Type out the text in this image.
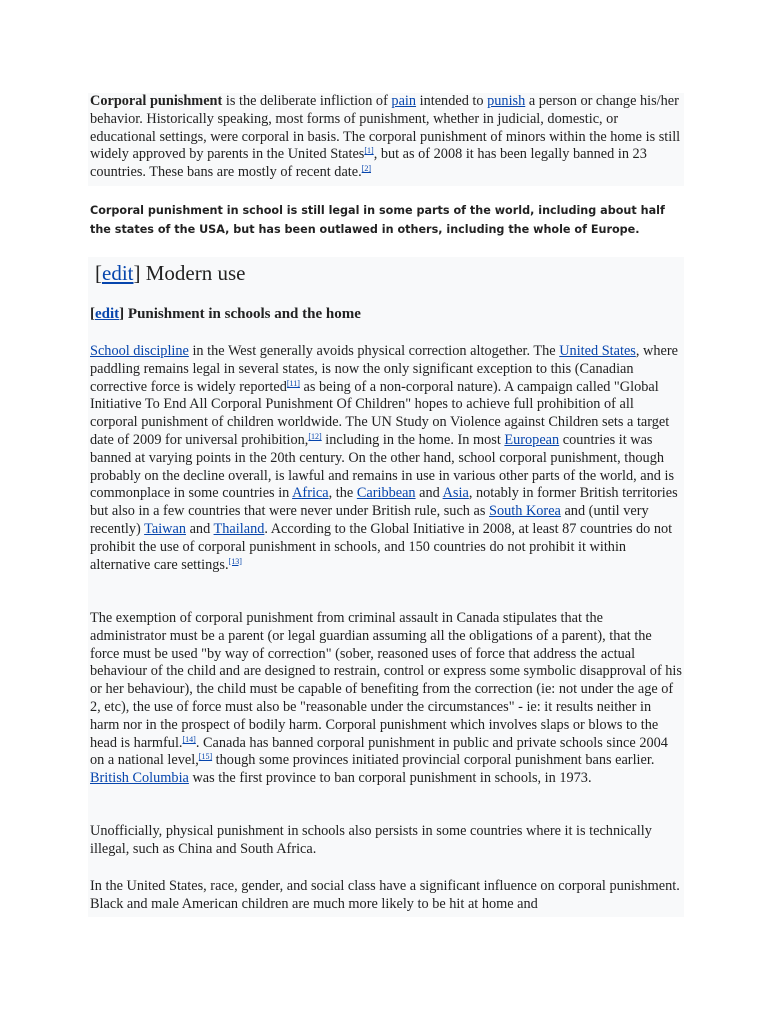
Corporal punishment is the deliberate infliction of pain intended to punish a person or change his/her behavior. Historically speaking, most forms of punishment, whether in judicial, domestic, or educational settings, were corporal in basis. The corporal punishment of minors within the home is still widely approved by parents in the United States[1], but as of 2008 it has been legally banned in 23 countries. These bans are mostly of recent date.[2]
Corporal punishment in school is still legal in some parts of the world, including about half the states of the USA, but has been outlawed in others, including the whole of Europe.
[edit] Modern use
[edit] Punishment in schools and the home

School discipline in the West generally avoids physical correction altogether. The United States, where paddling remains legal in several states, is now the only significant exception to this (Canadian corrective force is widely reported[11] as being of a non-corporal nature). A campaign called "Global Initiative To End All Corporal Punishment Of Children" hopes to achieve full prohibition of all corporal punishment of children worldwide. The UN Study on Violence against Children sets a target date of 2009 for universal prohibition,[12] including in the home. In most European countries it was banned at varying points in the 20th century. On the other hand, school corporal punishment, though probably on the decline overall, is lawful and remains in use in various other parts of the world, and is commonplace in some countries in Africa, the Caribbean and Asia, notably in former British territories but also in a few countries that were never under British rule, such as South Korea and (until very recently) Taiwan and Thailand. According to the Global Initiative in 2008, at least 87 countries do not prohibit the use of corporal punishment in schools, and 150 countries do not prohibit it within alternative care settings.[13]

The exemption of corporal punishment from criminal assault in Canada stipulates that the administrator must be a parent (or legal guardian assuming all the obligations of a parent), that the force must be used "by way of correction" (sober, reasoned uses of force that address the actual behaviour of the child and are designed to restrain, control or express some symbolic disapproval of his or her behaviour), the child must be capable of benefiting from the correction (ie: not under the age of 2, etc), the use of force must also be "reasonable under the circumstances" - ie: it results neither in harm nor in the prospect of bodily harm. Corporal punishment which involves slaps or blows to the head is harmful.[14]. Canada has banned corporal punishment in public and private schools since 2004 on a national level,[15] though some provinces initiated provincial corporal punishment bans earlier. British Columbia was the first province to ban corporal punishment in schools, in 1973.

Unofficially, physical punishment in schools also persists in some countries where it is technically illegal, such as China and South Africa.

In the United States, race, gender, and social class have a significant influence on corporal punishment. Black and male American children are much more likely to be hit at home and
